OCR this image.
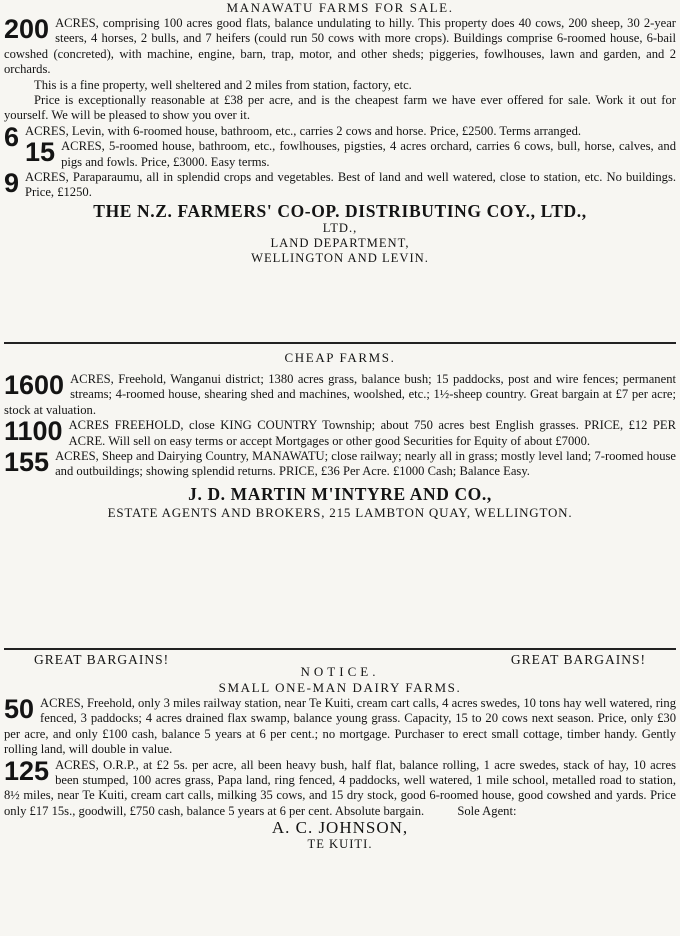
MANAWATU FARMS FOR SALE.

200 ACRES, comprising 100 acres good flats, balance undulating to hilly. This property does 40 cows, 200 sheep, 30 2-year steers, 4 horses, 2 bulls, and 7 heifers (could run 50 cows with more crops). Buildings comprise 6-roomed house, 6-bail cowshed (concreted), with machine, engine, barn, trap, motor, and other sheds; piggeries, fowlhouses, lawn and garden, and 2 orchards.

This is a fine property, well sheltered and 2 miles from station, factory, etc.

Price is exceptionally reasonable at £38 per acre, and is the cheapest farm we have ever offered for sale. Work it out for yourself. We will be pleased to show you over it.

6 ACRES, Levin, with 6-roomed house, bathroom, etc., carries 2 cows and horse. Price, £2500. Terms arranged.

15 ACRES, 5-roomed house, bathroom, etc., fowlhouses, pigsties, 4 acres orchard, carries 6 cows, bull, horse, calves, and pigs and fowls. Price, £3000. Easy terms.

9 ACRES, Paraparaumu, all in splendid crops and vegetables. Best of land and well watered, close to station, etc. No buildings. Price, £1250.

THE N.Z. FARMERS' CO-OP. DISTRIBUTING COY., LTD.,

LTD.,

LAND DEPARTMENT,

WELLINGTON AND LEVIN.

CHEAP FARMS.

1600 ACRES, Freehold, Wanganui district; 1380 acres grass, balance bush; 15 paddocks, post and wire fences; permanent streams; 4-roomed house, shearing shed and machines, woolshed, etc.; 1½-sheep country. Great bargain at £7 per acre; stock at valuation.

1100 ACRES FREEHOLD, close KING COUNTRY Township; about 750 acres best English grasses. PRICE, £12 PER ACRE. Will sell on easy terms or accept Mortgages or other good Securities for Equity of about £7000.

155 ACRES, Sheep and Dairying Country, MANAWATU; close railway; nearly all in grass; mostly level land; 7-roomed house and outbuildings; showing splendid returns. PRICE, £36 Per Acre. £1000 Cash; Balance Easy.

J. D. MARTIN M'INTYRE AND CO.,

ESTATE AGENTS AND BROKERS, 215 LAMBTON QUAY, WELLINGTON.

GREAT BARGAINS!	GREAT BARGAINS!

NOTICE.

SMALL ONE-MAN DAIRY FARMS.

50 ACRES, Freehold, only 3 miles railway station, near Te Kuiti, cream cart calls, 4 acres swedes, 10 tons hay well watered, ring fenced, 3 paddocks; 4 acres drained flax swamp, balance young grass. Capacity, 15 to 20 cows next season. Price, only £30 per acre, and only £100 cash, balance 5 years at 6 per cent.; no mortgage. Purchaser to erect small cottage, timber handy. Gently rolling land, will double in value.

125 ACRES, O.R.P., at £2 5s. per acre, all been heavy bush, half flat, balance rolling, 1 acre swedes, stack of hay, 10 acres been stumped, 100 acres grass, Papa land, ring fenced, 4 paddocks, well watered, 1 mile school, metalled road to station, 8½ miles, near Te Kuiti, cream cart calls, milking 35 cows, and 15 dry stock, good 6-roomed house, good cowshed and yards. Price only £17 15s., goodwill, £750 cash, balance 5 years at 6 per cent. Absolute bargain.	Sole Agent:

A. C. JOHNSON,

TE KUITI.
